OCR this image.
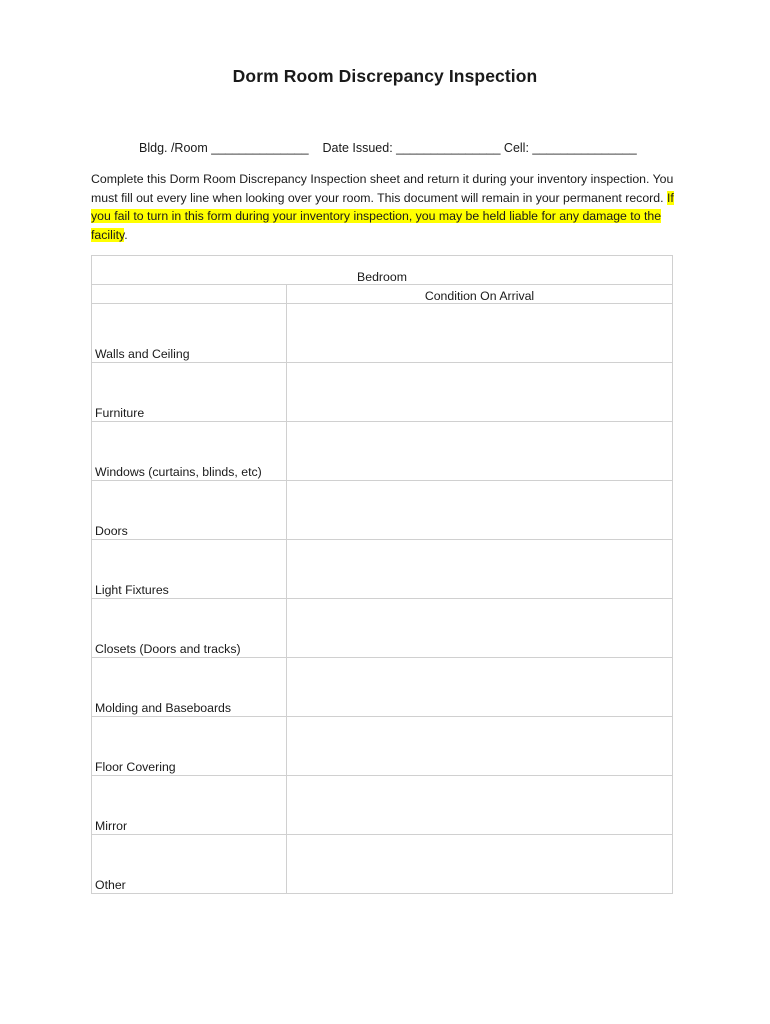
Dorm Room Discrepancy Inspection
Bldg. /Room ______________ Date Issued: _______________ Cell: _______________
Complete this Dorm Room Discrepancy Inspection sheet and return it during your inventory inspection. You must fill out every line when looking over your room. This document will remain in your permanent record. If you fail to turn in this form during your inventory inspection, you may be held liable for any damage to the facility.
Bedroom	
	Condition On Arrival
Walls and Ceiling	
Furniture	
Windows (curtains, blinds, etc)	
Doors	
Light Fixtures	
Closets (Doors and tracks)	
Molding and Baseboards	
Floor Covering	
Mirror	
Other	
